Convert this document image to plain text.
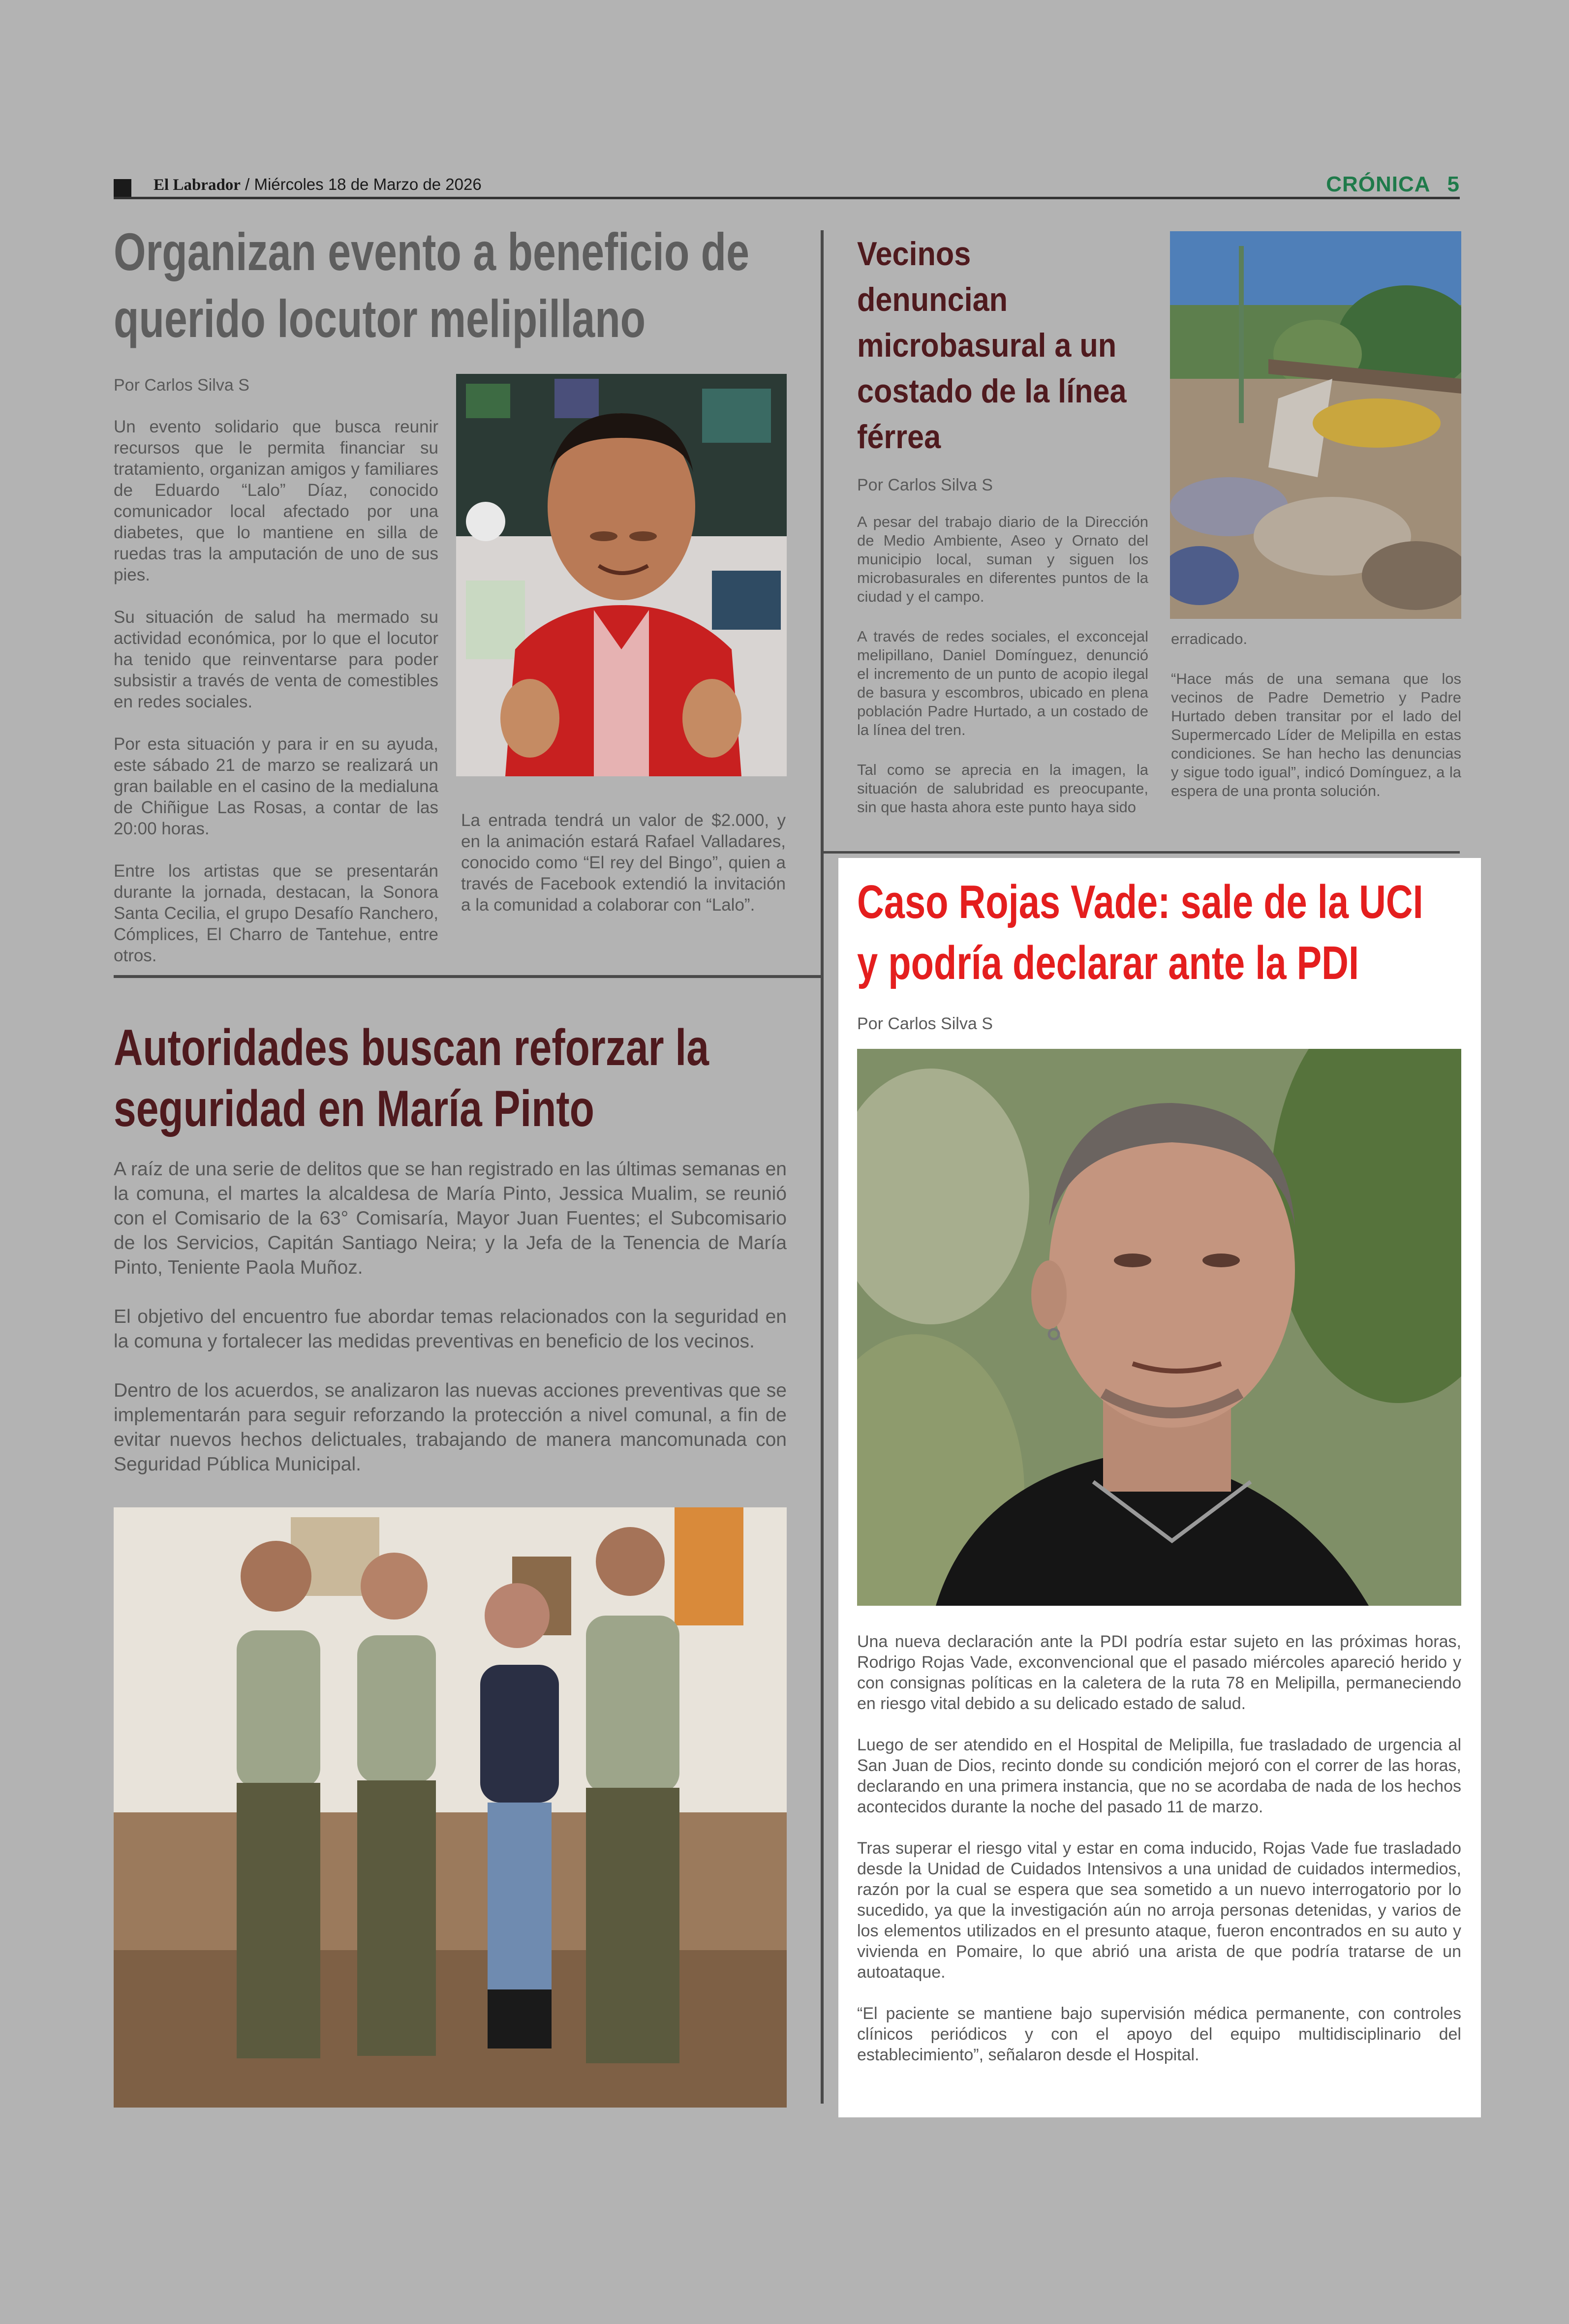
El Labrador / Miércoles 18 de Marzo de 2026	CRÓNICA 5
Organizan evento a beneficio de
querido locutor melipillano
Por Carlos Silva S

Un evento solidario que busca reunir recursos que le permita financiar su tratamiento, organizan amigos y familiares de Eduardo “Lalo” Díaz, conocido comunicador local afectado por una diabetes, que lo mantiene en silla de ruedas tras la amputación de uno de sus pies.

Su situación de salud ha mermado su actividad económica, por lo que el locutor ha tenido que reinventarse para poder subsistir a través de venta de comestibles en redes sociales.

Por esta situación y para ir en su ayuda, este sábado 21 de marzo se realizará un gran bailable en el casino de la medialuna de Chiñigue Las Rosas, a contar de las 20:00 horas.

Entre los artistas que se presentarán durante la jornada, destacan, la Sonora Santa Cecilia, el grupo Desafío Ranchero, Cómplices, El Charro de Tantehue, entre otros.

La entrada tendrá un valor de $2.000, y en la animación estará Rafael Valladares, conocido como “El rey del Bingo”, quien a través de Facebook extendió la invitación a la comunidad a colaborar con “Lalo”.

Vecinos
denuncian
microbasural a un
costado de la línea
férrea
Por Carlos Silva S

A pesar del trabajo diario de la Dirección de Medio Ambiente, Aseo y Ornato del municipio local, suman y siguen los microbasurales en diferentes puntos de la ciudad y el campo.

A través de redes sociales, el exconcejal melipillano, Daniel Domínguez, denunció el incremento de un punto de acopio ilegal de basura y escombros, ubicado en plena población Padre Hurtado, a un costado de la línea del tren.

Tal como se aprecia en la imagen, la situación de salubridad es preocupante, sin que hasta ahora este punto haya sido

erradicado.

“Hace más de una semana que los vecinos de Padre Demetrio y Padre Hurtado deben transitar por el lado del Supermercado Líder de Melipilla en estas condiciones. Se han hecho las denuncias y sigue todo igual”, indicó Domínguez, a la espera de una pronta solución.

Autoridades buscan reforzar la
seguridad en María Pinto

A raíz de una serie de delitos que se han registrado en las últimas semanas en la comuna, el martes la alcaldesa de María Pinto, Jessica Mualim, se reunió con el Comisario de la 63° Comisaría, Mayor Juan Fuentes; el Subcomisario de los Servicios, Capitán Santiago Neira; y la Jefa de la Tenencia de María Pinto, Teniente Paola Muñoz.

El objetivo del encuentro fue abordar temas relacionados con la seguridad en la comuna y fortalecer las medidas preventivas en beneficio de los vecinos.

Dentro de los acuerdos, se analizaron las nuevas acciones preventivas que se implementarán para seguir reforzando la protección a nivel comunal, a fin de evitar nuevos hechos delictuales, trabajando de manera mancomunada con Seguridad Pública Municipal.

Caso Rojas Vade: sale de la UCI
y podría declarar ante la PDI
Por Carlos Silva S

Una nueva declaración ante la PDI podría estar sujeto en las próximas horas, Rodrigo Rojas Vade, exconvencional que el pasado miércoles apareció herido y con consignas políticas en la caletera de la ruta 78 en Melipilla, permaneciendo en riesgo vital debido a su delicado estado de salud.

Luego de ser atendido en el Hospital de Melipilla, fue trasladado de urgencia al San Juan de Dios, recinto donde su condición mejoró con el correr de las horas, declarando en una primera instancia, que no se acordaba de nada de los hechos acontecidos durante la noche del pasado 11 de marzo.

Tras superar el riesgo vital y estar en coma inducido, Rojas Vade fue trasladado desde la Unidad de Cuidados Intensivos a una unidad de cuidados intermedios, razón por la cual se espera que sea sometido a un nuevo interrogatorio por lo sucedido, ya que la investigación aún no arroja personas detenidas, y varios de los elementos utilizados en el presunto ataque, fueron encontrados en su auto y vivienda en Pomaire, lo que abrió una arista de que podría tratarse de un autoataque.

“El paciente se mantiene bajo supervisión médica permanente, con controles clínicos periódicos y con el apoyo del equipo multidisciplinario del establecimiento”, señalaron desde el Hospital.
